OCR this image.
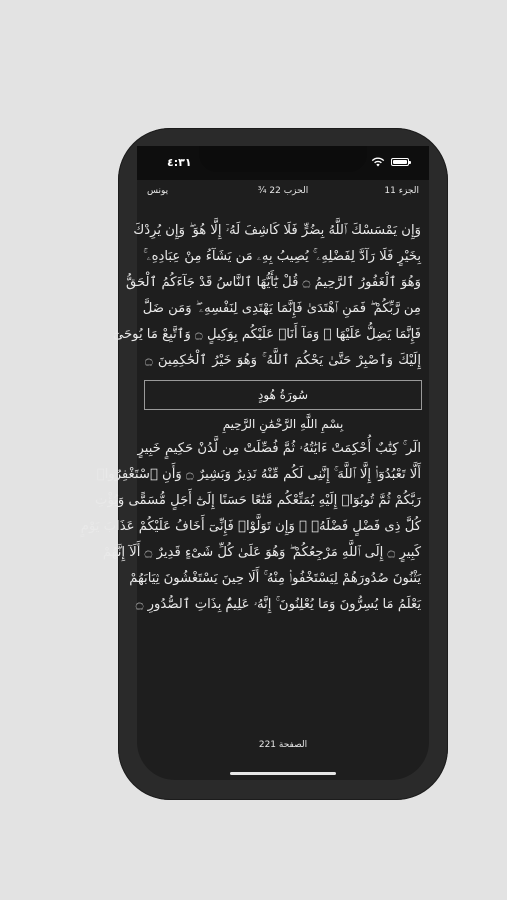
٤:٣١
الجزء 11
¾ الحزب 22
يونس
وَإِن يَمْسَسْكَ ٱللَّهُ بِضُرٍّ فَلَا كَاشِفَ لَهُۥٓ إِلَّا هُوَ ۖ وَإِن يُرِدْكَ
بِخَيْرٍ فَلَا رَآدَّ لِفَضْلِهِۦ ۚ يُصِيبُ بِهِۦ مَن يَشَآءُ مِنْ عِبَادِهِۦ ۚ
وَهُوَ ٱلْغَفُورُ ٱلرَّحِيمُ ۝ قُلْ يَٰٓأَيُّهَا ٱلنَّاسُ قَدْ جَآءَكُمُ ٱلْحَقُّ
مِن رَّبِّكُمْ ۖ فَمَنِ ٱهْتَدَىٰ فَإِنَّمَا يَهْتَدِى لِنَفْسِهِۦ ۖ وَمَن ضَلَّ
فَإِنَّمَا يَضِلُّ عَلَيْهَا ۖ وَمَآ أَنَا۠ عَلَيْكُم بِوَكِيلٍ ۝ وَٱتَّبِعْ مَا يُوحَىٰٓ
إِلَيْكَ وَٱصْبِرْ حَتَّىٰ يَحْكُمَ ٱللَّهُ ۚ وَهُوَ خَيْرُ ٱلْحَٰكِمِينَ ۝
سُورَةُ هُودٍ
بِسْمِ اللَّهِ الرَّحْمَٰنِ الرَّحِيمِ
الٓر ۚ كِتَٰبٌ أُحْكِمَتْ ءَايَٰتُهُۥ ثُمَّ فُصِّلَتْ مِن لَّدُنْ حَكِيمٍ خَبِيرٍ
أَلَّا تَعْبُدُوٓا۟ إِلَّا ٱللَّهَ ۚ إِنَّنِى لَكُم مِّنْهُ نَذِيرٌ وَبَشِيرٌ ۝ وَأَنِ ٱسْتَغْفِرُوا۟
رَبَّكُمْ ثُمَّ تُوبُوٓا۟ إِلَيْهِ يُمَتِّعْكُم مَّتَٰعًا حَسَنًا إِلَىٰٓ أَجَلٍ مُّسَمًّى وَيُؤْتِ
كُلَّ ذِى فَضْلٍ فَضْلَهُۥ ۖ وَإِن تَوَلَّوْا۟ فَإِنِّىٓ أَخَافُ عَلَيْكُمْ عَذَابَ يَوْمٍ
كَبِيرٍ ۝ إِلَى ٱللَّهِ مَرْجِعُكُمْ ۖ وَهُوَ عَلَىٰ كُلِّ شَىْءٍ قَدِيرٌ ۝ أَلَآ إِنَّهُمْ
يَثْنُونَ صُدُورَهُمْ لِيَسْتَخْفُوا۟ مِنْهُ ۚ أَلَا حِينَ يَسْتَغْشُونَ ثِيَابَهُمْ
يَعْلَمُ مَا يُسِرُّونَ وَمَا يُعْلِنُونَ ۚ إِنَّهُۥ عَلِيمٌۢ بِذَاتِ ٱلصُّدُورِ ۝
الصفحة 221
